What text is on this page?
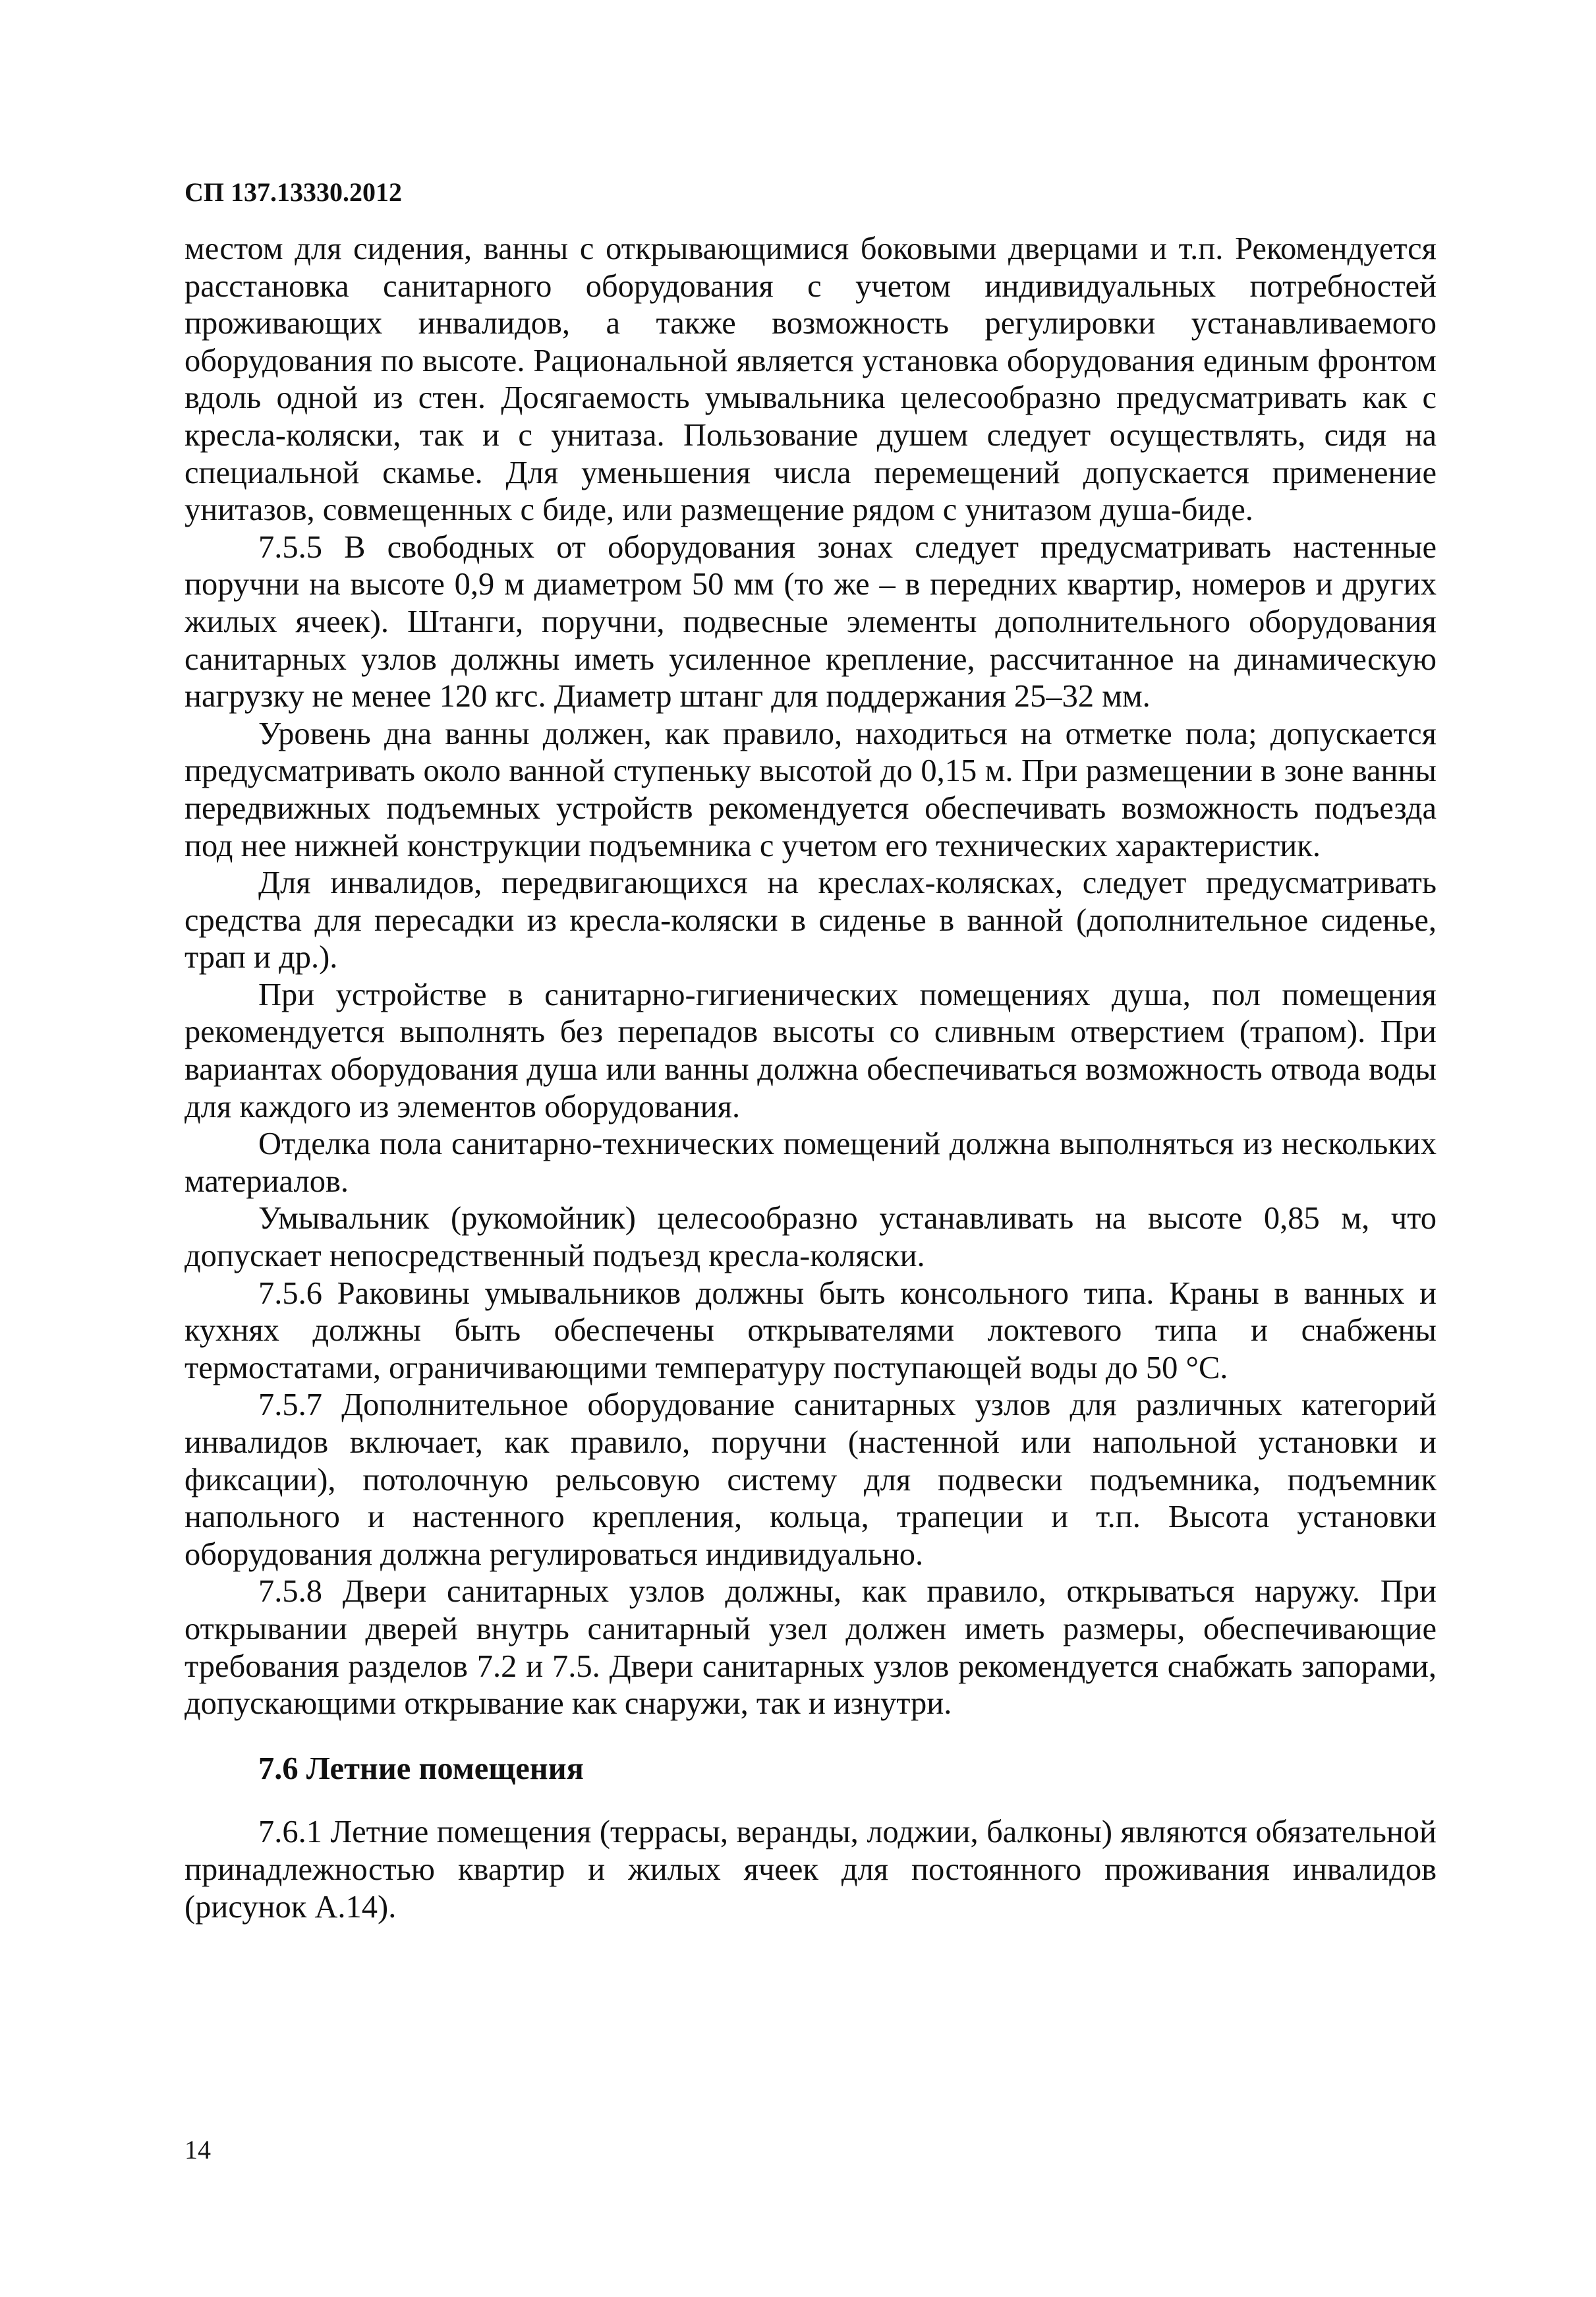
СП 137.13330.2012

местом для сидения, ванны с открывающимися боковыми дверцами и т.п. Рекомендуется расстановка санитарного оборудования с учетом индивидуальных потребностей проживающих инвалидов, а также возможность регулировки устанавливаемого оборудования по высоте. Рациональной является установка оборудования единым фронтом вдоль одной из стен. Досягаемость умывальника целесообразно предусматривать как с кресла-коляски, так и с унитаза. Пользование душем следует осуществлять, сидя на специальной скамье. Для уменьшения числа перемещений допускается применение унитазов, совмещенных с биде, или размещение рядом с унитазом душа-биде.

7.5.5 В свободных от оборудования зонах следует предусматривать настенные поручни на высоте 0,9 м диаметром 50 мм (то же – в передних квартир, номеров и других жилых ячеек). Штанги, поручни, подвесные элементы дополнительного оборудования санитарных узлов должны иметь усиленное крепление, рассчитанное на динамическую нагрузку не менее 120 кгс. Диаметр штанг для поддержания 25–32 мм.

Уровень дна ванны должен, как правило, находиться на отметке пола; допускается предусматривать около ванной ступеньку высотой до 0,15 м. При размещении в зоне ванны передвижных подъемных устройств рекомендуется обеспечивать возможность подъезда под нее нижней конструкции подъемника с учетом его технических характеристик.

Для инвалидов, передвигающихся на креслах-колясках, следует предусматривать средства для пересадки из кресла-коляски в сиденье в ванной (дополнительное сиденье, трап и др.).

При устройстве в санитарно-гигиенических помещениях душа, пол помещения рекомендуется выполнять без перепадов высоты со сливным отверстием (трапом). При вариантах оборудования душа или ванны должна обеспечиваться возможность отвода воды для каждого из элементов оборудования.

Отделка пола санитарно-технических помещений должна выполняться из нескольких материалов.

Умывальник (рукомойник) целесообразно устанавливать на высоте 0,85 м, что допускает непосредственный подъезд кресла-коляски.

7.5.6 Раковины умывальников должны быть консольного типа. Краны в ванных и кухнях должны быть обеспечены открывателями локтевого типа и снабжены термостатами, ограничивающими температуру поступающей воды до 50 °С.

7.5.7 Дополнительное оборудование санитарных узлов для различных категорий инвалидов включает, как правило, поручни (настенной или напольной установки и фиксации), потолочную рельсовую систему для подвески подъемника, подъемник напольного и настенного крепления, кольца, трапеции и т.п. Высота установки оборудования должна регулироваться индивидуально.

7.5.8 Двери санитарных узлов должны, как правило, открываться наружу. При открывании дверей внутрь санитарный узел должен иметь размеры, обеспечивающие требования разделов 7.2 и 7.5. Двери санитарных узлов рекомендуется снабжать запорами, допускающими открывание как снаружи, так и изнутри.

7.6 Летние помещения

7.6.1 Летние помещения (террасы, веранды, лоджии, балконы) являются обязательной принадлежностью квартир и жилых ячеек для постоянного проживания инвалидов (рисунок А.14).

14
